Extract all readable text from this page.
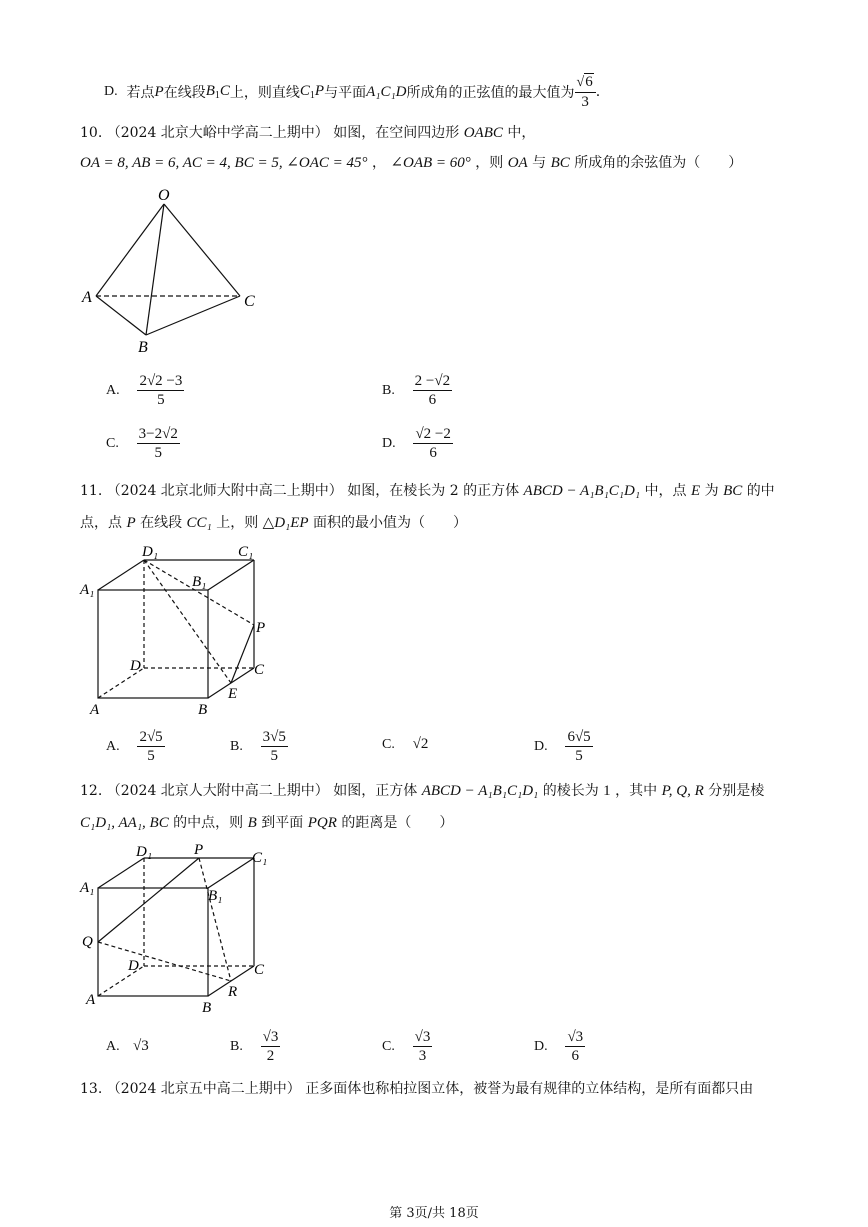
D.
若点 P 在线段 $B_1C$ 上，则直线 $C_1P$ 与平面 A₁C₁D 所成角的正弦值的最大值为 $\frac{√6}{3}$ .
10. （2024 北京大峪中学高二上期中） 如图，在空间四边形 OABC 中，
OA = 8, AB = 6, AC = 4, BC = 5, ∠OAC = 45° ， ∠OAB = 60° ，则 OA 与 BC 所成角的余弦值为（　　）
O
A	C
B
A.
$\frac{2√2 -3}{5}$	B.
$\frac{2 -√2}{6}$
C.
$\frac{3-2√2}{5}$	D.
$\frac{√2 -2}{6}$
11. （2024 北京北师大附中高二上期中） 如图，在棱长为 2 的正方体 ABCD − A₁B₁C₁D₁ 中，点 E 为 BC 的中
点，点 P 在线段 CC₁ 上，则 △D₁EP 面积的最小值为（　　）
D₁	C₁
A₁	B₁
P
D	C
A	B
E
A.
$\frac{2√5}{5}$	B.
$\frac{3√5}{5}$	C.
√2	D.
$\frac{6√5}{5}$
12. （2024 北京人大附中高二上期中） 如图，正方体 ABCD − A₁B₁C₁D₁ 的棱长为 1 ，其中 P, Q, R 分别是棱
C₁D₁, AA₁, BC 的中点，则 B 到平面 PQR 的距离是（　　）
D₁	P	C₁
A₁	B₁
Q
D	C
R
A	B
A.
√3	B.
$\frac{√3}{2}$	C.
$\frac{√3}{3}$	D.
$\frac{√3}{6}$
13. （2024 北京五中高二上期中） 正多面体也称柏拉图立体，被誉为最有规律的立体结构，是所有面都只由
第 3页/共 18页
